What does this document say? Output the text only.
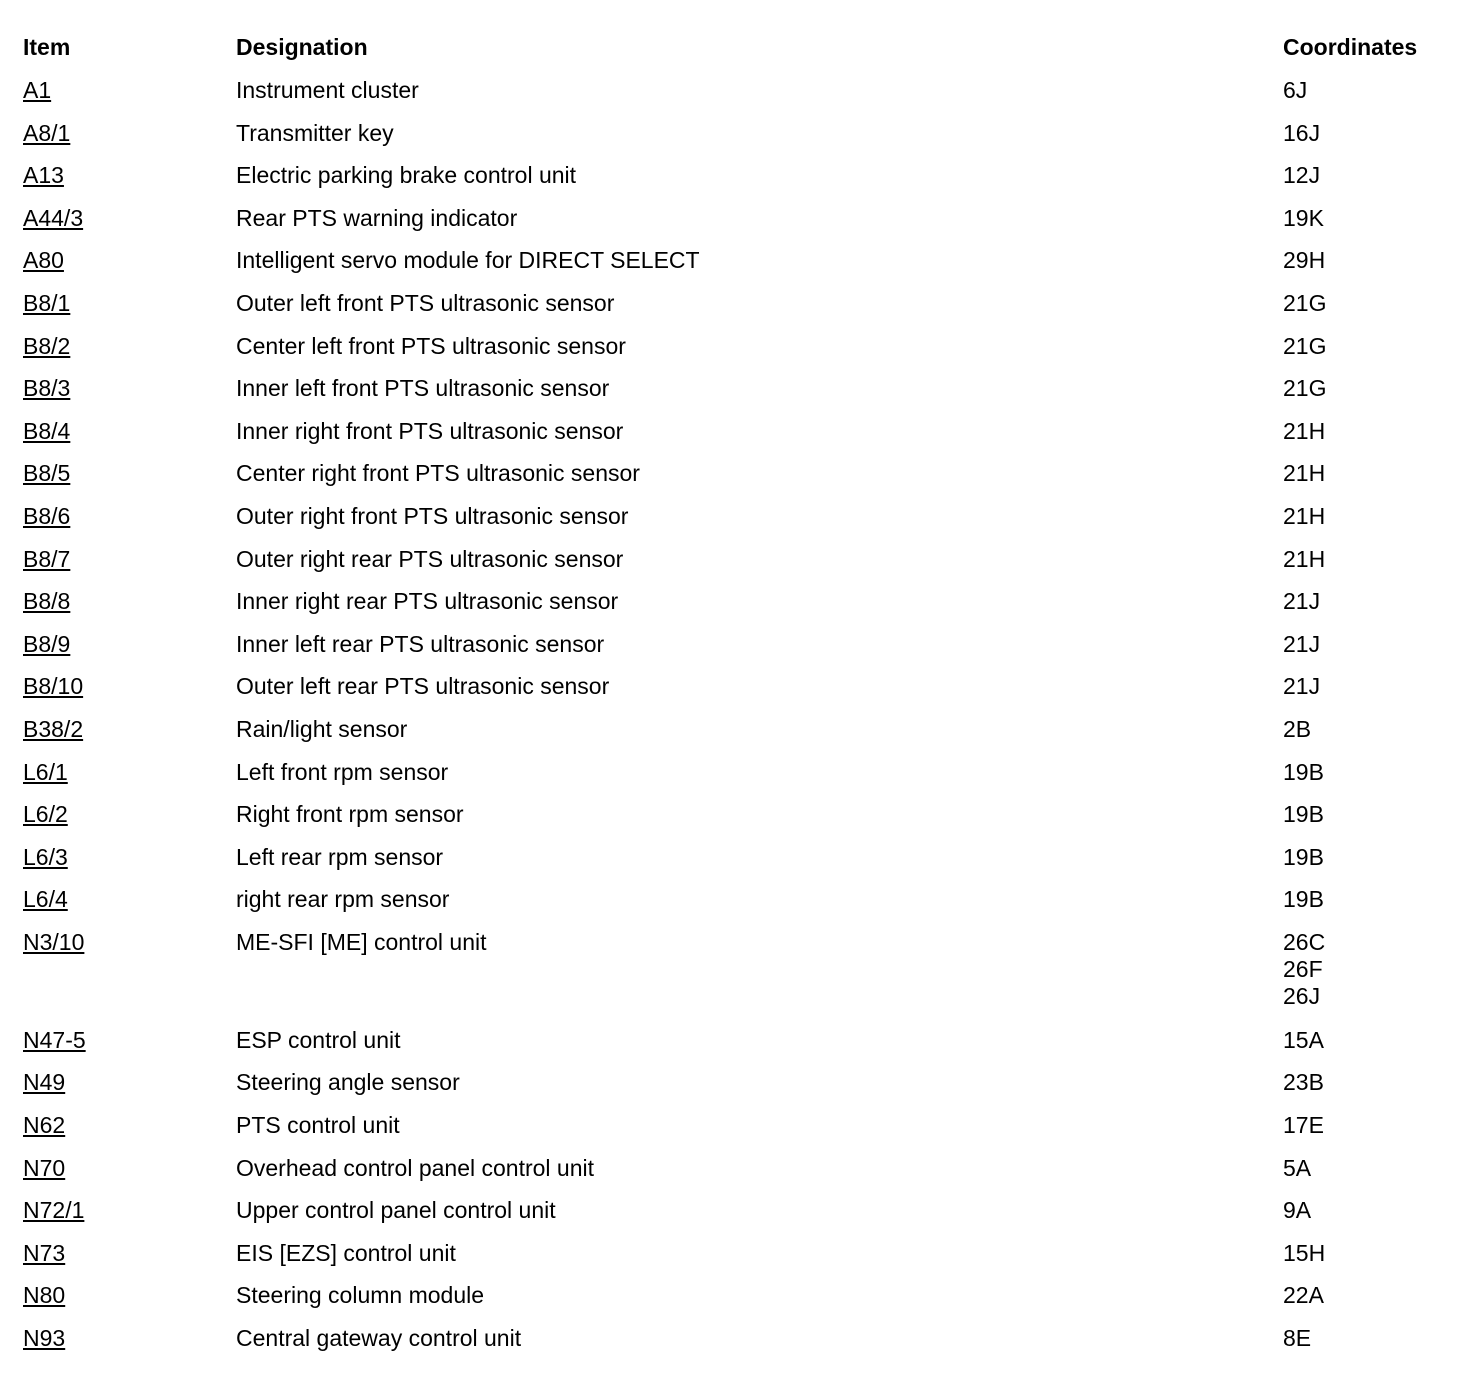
Item	Designation	Coordinates
A1	Instrument cluster	6J
A8/1	Transmitter key	16J
A13	Electric parking brake control unit	12J
A44/3	Rear PTS warning indicator	19K
A80	Intelligent servo module for DIRECT SELECT	29H
B8/1	Outer left front PTS ultrasonic sensor	21G
B8/2	Center left front PTS ultrasonic sensor	21G
B8/3	Inner left front PTS ultrasonic sensor	21G
B8/4	Inner right front PTS ultrasonic sensor	21H
B8/5	Center right front PTS ultrasonic sensor	21H
B8/6	Outer right front PTS ultrasonic sensor	21H
B8/7	Outer right rear PTS ultrasonic sensor	21H
B8/8	Inner right rear PTS ultrasonic sensor	21J
B8/9	Inner left rear PTS ultrasonic sensor	21J
B8/10	Outer left rear PTS ultrasonic sensor	21J
B38/2	Rain/light sensor	2B
L6/1	Left front rpm sensor	19B
L6/2	Right front rpm sensor	19B
L6/3	Left rear rpm sensor	19B
L6/4	right rear rpm sensor	19B
N3/10	ME-SFI [ME] control unit	26C
26F
26J
N47-5	ESP control unit	15A
N49	Steering angle sensor	23B
N62	PTS control unit	17E
N70	Overhead control panel control unit	5A
N72/1	Upper control panel control unit	9A
N73	EIS [EZS] control unit	15H
N80	Steering column module	22A
N93	Central gateway control unit	8E
